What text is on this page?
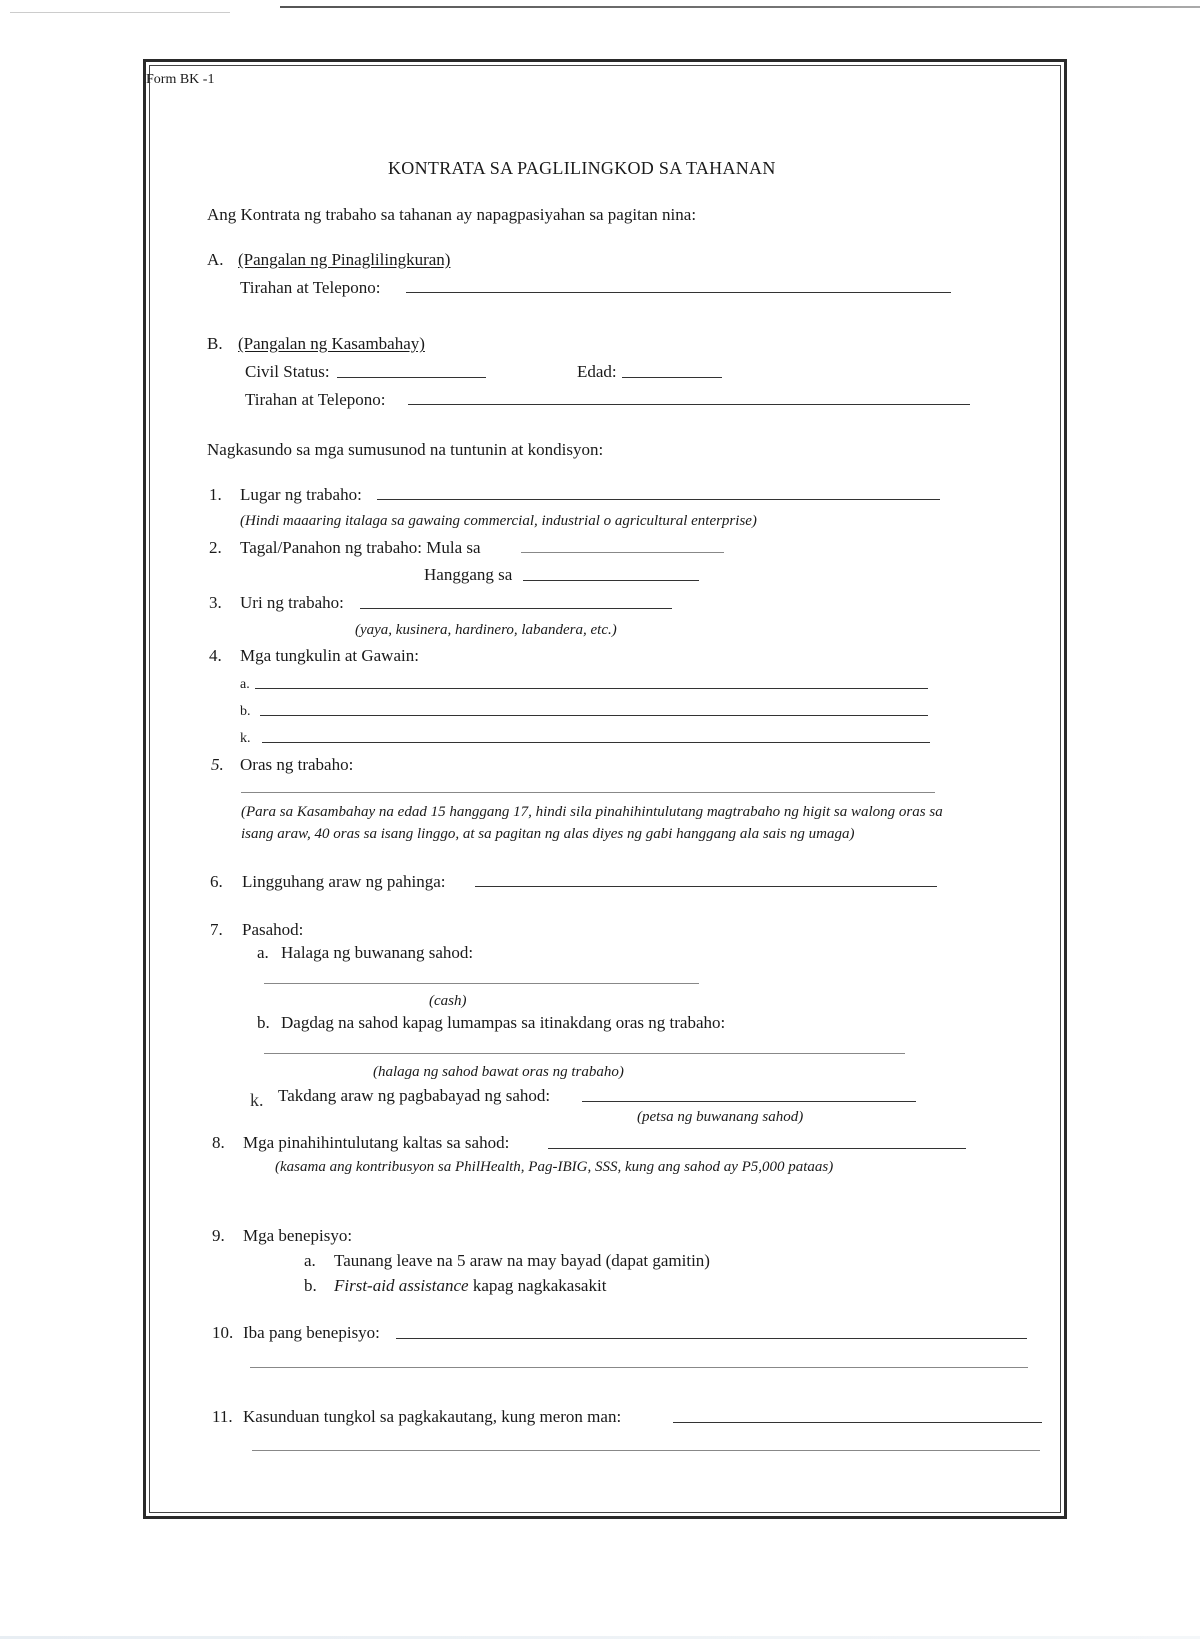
Form BK -1
KONTRATA SA PAGLILINGKOD SA TAHANAN
Ang Kontrata ng trabaho sa tahanan ay napagpasiyahan sa pagitan nina:
A. (Pangalan ng Pinaglilingkuran)
Tirahan at Telepono:
B. (Pangalan ng Kasambahay)
Civil Status:	Edad:
Tirahan at Telepono:
Nagkasundo sa mga sumusunod na tuntunin at kondisyon:
1. Lugar ng trabaho:
(Hindi maaaring italaga sa gawaing commercial, industrial o agricultural enterprise)
2. Tagal/Panahon ng trabaho: Mula sa
Hanggang sa
3. Uri ng trabaho:
(yaya, kusinera, hardinero, labandera, etc.)
4. Mga tungkulin at Gawain:
a.
b.
k.
5. Oras ng trabaho:
(Para sa Kasambahay na edad 15 hanggang 17, hindi sila pinahihintulutang magtrabaho ng higit sa walong oras sa
isang araw, 40 oras sa isang linggo, at sa pagitan ng alas diyes ng gabi hanggang ala sais ng umaga)
6. Lingguhang araw ng pahinga:
7. Pasahod:
a. Halaga ng buwanang sahod:
(cash)
b. Dagdag na sahod kapag lumampas sa itinakdang oras ng trabaho:
(halaga ng sahod bawat oras ng trabaho)
k. Takdang araw ng pagbabayad ng sahod:
(petsa ng buwanang sahod)
8. Mga pinahihintulutang kaltas sa sahod:
(kasama ang kontribusyon sa PhilHealth, Pag-IBIG, SSS, kung ang sahod ay P5,000 pataas)
9. Mga benepisyo:
a. Taunang leave na 5 araw na may bayad (dapat gamitin)
b. First-aid assistance kapag nagkakasakit
10. Iba pang benepisyo:
11. Kasunduan tungkol sa pagkakautang, kung meron man:
